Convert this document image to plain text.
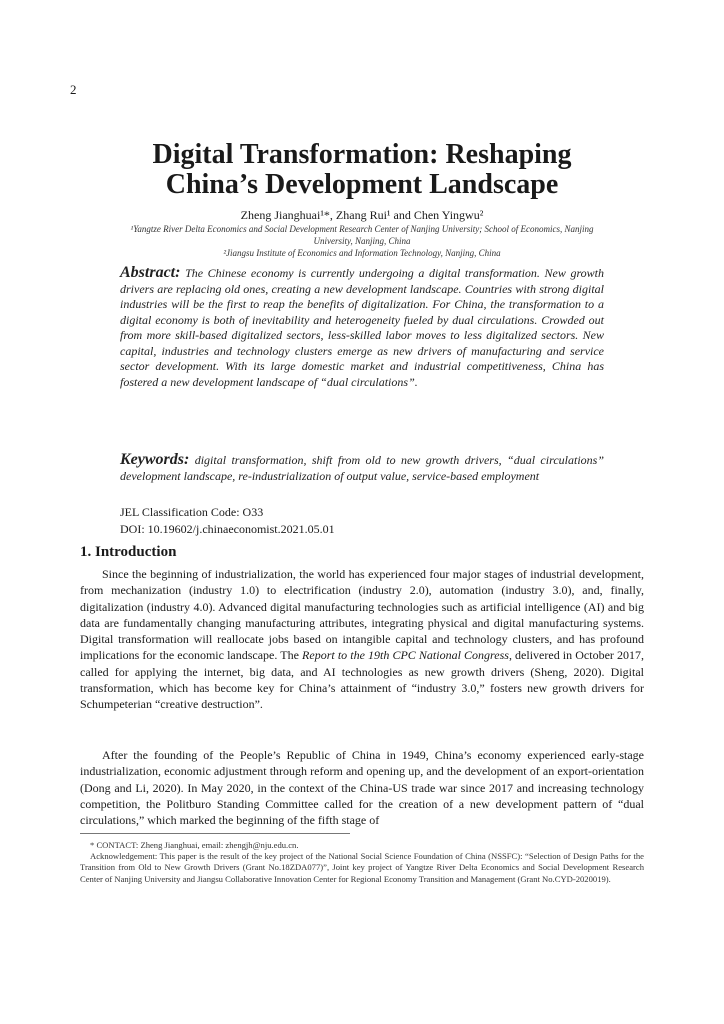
2
Digital Transformation: Reshaping
China’s Development Landscape
Zheng Jianghuai¹*, Zhang Rui¹ and Chen Yingwu²
¹Yangtze River Delta Economics and Social Development Research Center of Nanjing University; School of Economics, Nanjing
University, Nanjing, China
²Jiangsu Institute of Economics and Information Technology, Nanjing, China
Abstract: The Chinese economy is currently undergoing a digital transformation. New growth drivers are replacing old ones, creating a new development landscape. Countries with strong digital industries will be the first to reap the benefits of digitalization. For China, the transformation to a digital economy is both of inevitability and heterogeneity fueled by dual circulations. Crowded out from more skill-based digitalized sectors, less-skilled labor moves to less digitalized sectors. New capital, industries and technology clusters emerge as new drivers of manufacturing and service sector development. With its large domestic market and industrial competitiveness, China has fostered a new development landscape of “dual circulations”.
Keywords: digital transformation, shift from old to new growth drivers, “dual circulations” development landscape, re-industrialization of output value, service-based employment
JEL Classification Code: O33
DOI: 10.19602/j.chinaeconomist.2021.05.01
1. Introduction

Since the beginning of industrialization, the world has experienced four major stages of industrial development, from mechanization (industry 1.0) to electrification (industry 2.0), automation (industry 3.0), and, finally, digitalization (industry 4.0). Advanced digital manufacturing technologies such as artificial intelligence (AI) and big data are fundamentally changing manufacturing attributes, integrating physical and digital manufacturing systems. Digital transformation will reallocate jobs based on intangible capital and technology clusters, and has profound implications for the economic landscape. The Report to the 19th CPC National Congress, delivered in October 2017, called for applying the internet, big data, and AI technologies as new growth drivers (Sheng, 2020). Digital transformation, which has become key for China’s attainment of “industry 3.0,” fosters new growth drivers for Schumpeterian “creative destruction”.

After the founding of the People’s Republic of China in 1949, China’s economy experienced early-stage industrialization, economic adjustment through reform and opening up, and the development of an export-orientation (Dong and Li, 2020). In May 2020, in the context of the China-US trade war since 2017 and increasing technology competition, the Politburo Standing Committee called for the creation of a new development pattern of “dual circulations,” which marked the beginning of the fifth stage of

* CONTACT: Zheng Jianghuai, email: zhengjh@nju.edu.cn.

Acknowledgement: This paper is the result of the key project of the National Social Science Foundation of China (NSSFC): “Selection of Design Paths for the Transition from Old to New Growth Drivers (Grant No.18ZDA077)”, Joint key project of Yangtze River Delta Economics and Social Development Research Center of Nanjing University and Jiangsu Collaborative Innovation Center for Regional Economy Transition and Management (Grant No.CYD-2020019).
